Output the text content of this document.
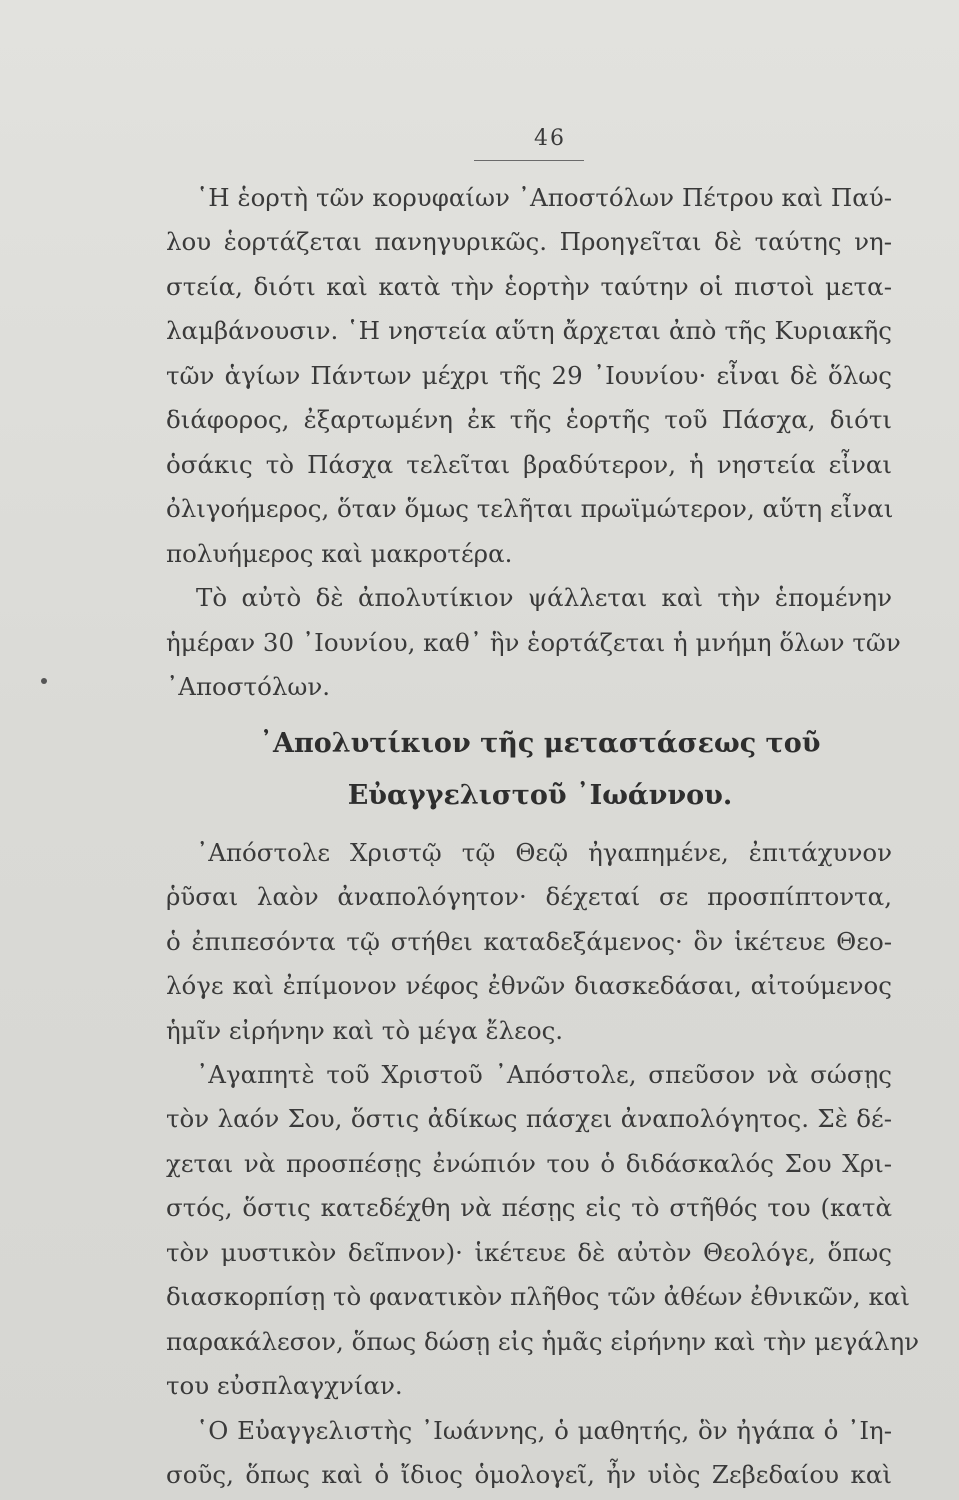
46
῾Η ἑορτὴ τῶν κορυφαίων ᾿Αποστόλων Πέτρου καὶ Παύ-
λου ἑορτάζεται πανηγυρικῶς. Προηγεῖται δὲ ταύτης νη-
στεία, διότι καὶ κατὰ τὴν ἑορτὴν ταύτην οἱ πιστοὶ μετα-
λαμβάνουσιν. ῾Η νηστεία αὕτη ἄρχεται ἀπὸ τῆς Κυριακῆς
τῶν ἁγίων Πάντων μέχρι τῆς 29 ᾿Ιουνίου· εἶναι δὲ ὅλως
διάφορος, ἐξαρτωμένη ἐκ τῆς ἑορτῆς τοῦ Πάσχα, διότι
ὁσάκις τὸ Πάσχα τελεῖται βραδύτερον, ἡ νηστεία εἶναι
ὀλιγοήμερος, ὅταν ὅμως τελῆται πρωϊμώτερον, αὕτη εἶναι
πολυήμερος καὶ μακροτέρα.
Τὸ αὐτὸ δὲ ἀπολυτίκιον ψάλλεται καὶ τὴν ἑπομένην
ἡμέραν 30 ᾿Ιουνίου, καθ᾿ ἣν ἑορτάζεται ἡ μνήμη ὅλων τῶν
᾿Αποστόλων.
᾿Απολυτίκιον τῆς μεταστάσεως τοῦ
Εὐαγγελιστοῦ ᾿Ιωάννου.
᾿Απόστολε Χριστῷ τῷ Θεῷ ἠγαπημένε, ἐπιτάχυνον
ῥῦσαι λαὸν ἀναπολόγητον· δέχεταί σε προσπίπτοντα,
ὁ ἐπιπεσόντα τῷ στήθει καταδεξάμενος· ὃν ἱκέτευε Θεο-
λόγε καὶ ἐπίμονον νέφος ἐθνῶν διασκεδάσαι, αἰτούμενος
ἡμῖν εἰρήνην καὶ τὸ μέγα ἔλεος.
᾿Αγαπητὲ τοῦ Χριστοῦ ᾿Απόστολε, σπεῦσον νὰ σώσῃς
τὸν λαόν Σου, ὅστις ἀδίκως πάσχει ἀναπολόγητος. Σὲ δέ-
χεται νὰ προσπέσῃς ἐνώπιόν του ὁ διδάσκαλός Σου Χρι-
στός, ὅστις κατεδέχθη νὰ πέσῃς εἰς τὸ στῆθός του (κατὰ
τὸν μυστικὸν δεῖπνον)· ἱκέτευε δὲ αὐτὸν Θεολόγε, ὅπως
διασκορπίσῃ τὸ φανατικὸν πλῆθος τῶν ἀθέων ἐθνικῶν, καὶ
παρακάλεσον, ὅπως δώσῃ εἰς ἡμᾶς εἰρήνην καὶ τὴν μεγάλην
του εὐσπλαγχνίαν.
῾Ο Εὐαγγελιστὴς ᾿Ιωάννης, ὁ μαθητής, ὃν ἠγάπα ὁ ᾿Ιη-
σοῦς, ὅπως καὶ ὁ ἴδιος ὁμολογεῖ, ἦν υἱὸς Ζεβεδαίου καὶ
